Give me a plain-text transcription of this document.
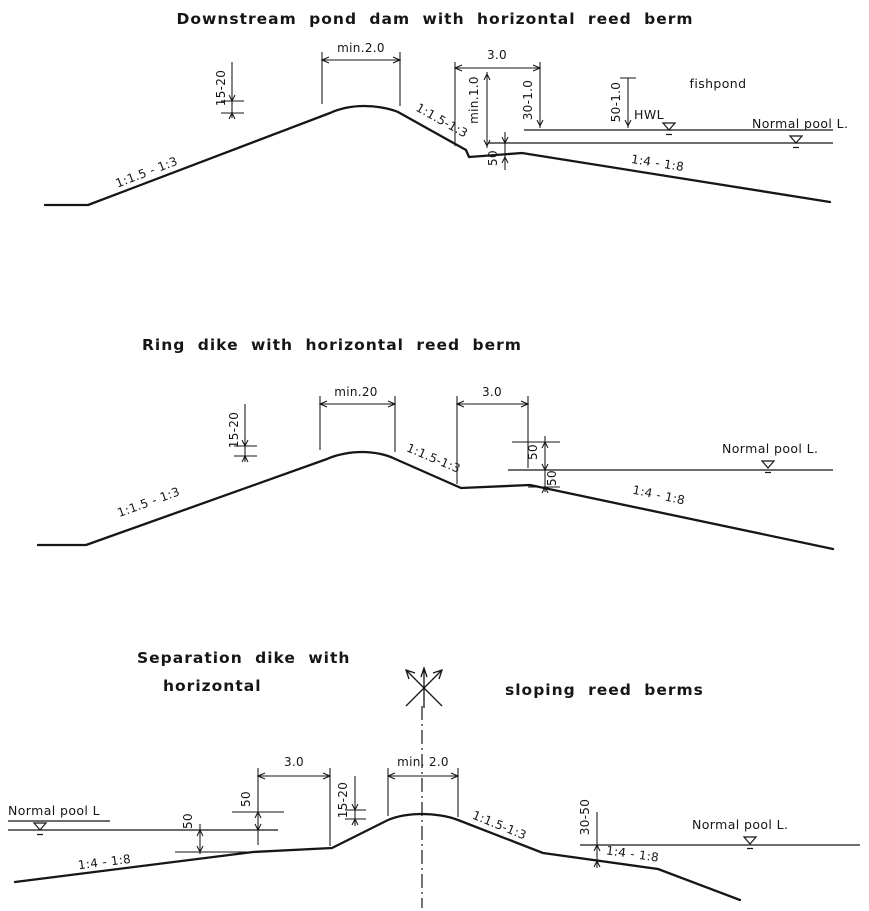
Downstream pond dam with horizontal reed berm
min.2.0	3.0
15-20	min.1.0	30-1.0	50-1.0
50
fishpond
HWL
Normal pool L.
1:1.5 - 1:3
1:1.5-1:3
1:4 - 1:8
Ring dike with horizontal reed berm
min.20	3.0
15-20
50
50
Normal pool L.
1:1.5 - 1:3
1:1.5-1:3
1:4 - 1:8
Separation dike with
horizontal	sloping reed berms
3.0	min. 2.0
15-20
50
50	30-50
Normal pool L
Normal pool L.
1:4 - 1:8
1:1.5-1:3
1:4 - 1:8
